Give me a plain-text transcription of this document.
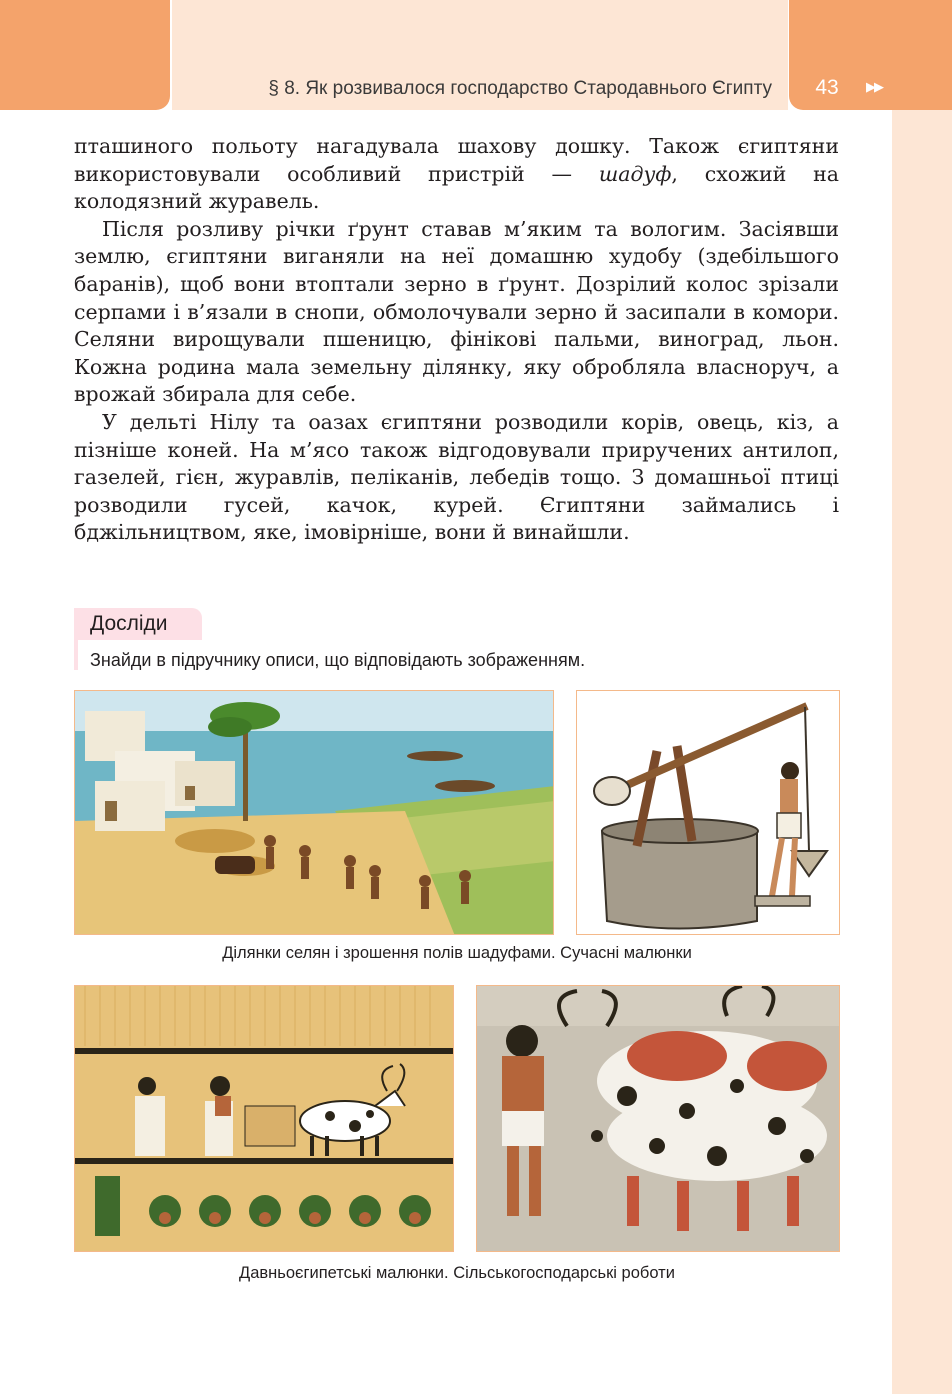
§ 8. Як розвивалося господарство Стародавнього Єгипту	43	▶▶

пташиного польоту нагадувала шахову дошку. Також єгиптяни використовували особливий пристрій — шадуф, схожий на колодязний журавель.

Після розливу річки ґрунт ставав м’яким та вологим. Засіявши землю, єгиптяни виганяли на неї домашню худобу (здебільшого баранів), щоб вони втоптали зерно в ґрунт. Дозрілий колос зрізали серпами і в’язали в снопи, обмолочували зерно й засипали в комори. Селяни вирощували пшеницю, фінікові пальми, виноград, льон. Кожна родина мала земельну ділянку, яку обробляла власноруч, а врожай збирала для себе.

У дельті Нілу та оазах єгиптяни розводили корів, овець, кіз, а пізніше коней. На м’ясо також відгодовували приручених антилоп, газелей, гієн, журавлів, пеліканів, лебедів тощо. З домашньої птиці розводили гусей, качок, курей. Єгиптяни займались і бджільництвом, яке, імовірніше, вони й винайшли.

Досліди
Знайди в підручнику описи, що відповідають зображенням.
Ділянки селян і зрошення полів шадуфами. Сучасні малюнки
Давньоєгипетські малюнки. Сільськогосподарські роботи
